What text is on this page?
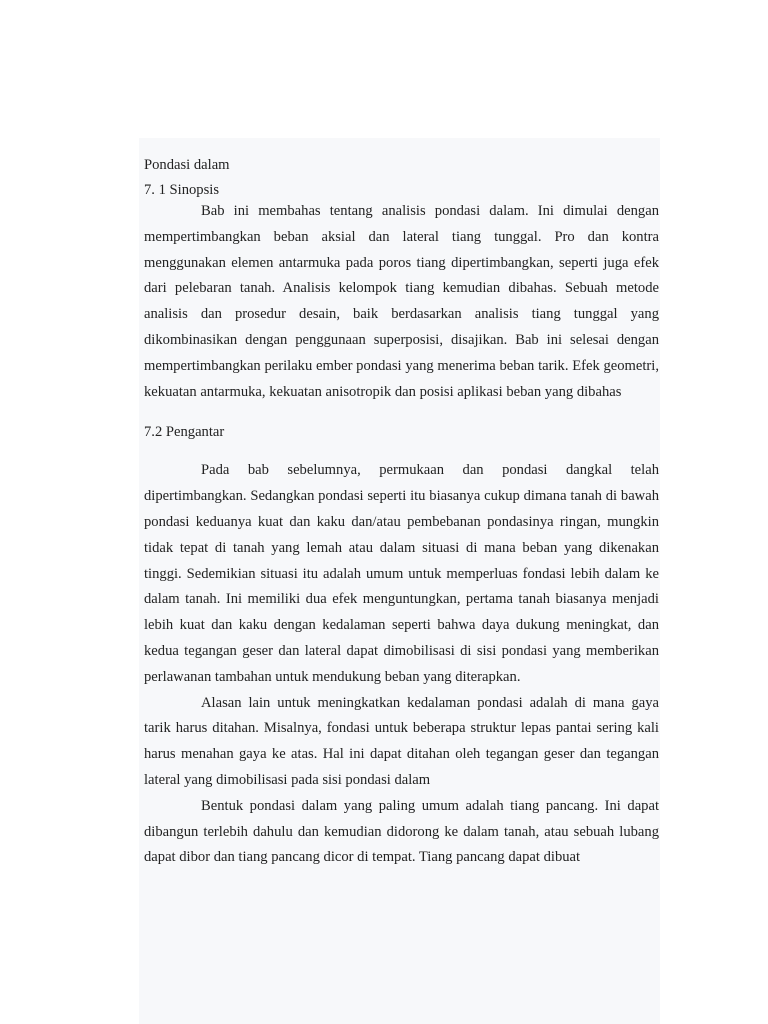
Pondasi dalam
7. 1 Sinopsis

Bab ini membahas tentang analisis pondasi dalam. Ini dimulai dengan mempertimbangkan beban aksial dan lateral tiang tunggal. Pro dan kontra menggunakan elemen antarmuka pada poros tiang dipertimbangkan, seperti juga efek dari pelebaran tanah. Analisis kelompok tiang kemudian dibahas. Sebuah metode analisis dan prosedur desain, baik berdasarkan analisis tiang tunggal yang dikombinasikan dengan penggunaan superposisi, disajikan. Bab ini selesai dengan mempertimbangkan perilaku ember pondasi yang menerima beban tarik. Efek geometri, kekuatan antarmuka, kekuatan anisotropik dan posisi aplikasi beban yang dibahas

7.2 Pengantar

Pada bab sebelumnya, permukaan dan pondasi dangkal telah dipertimbangkan. Sedangkan pondasi seperti itu biasanya cukup dimana tanah di bawah pondasi keduanya kuat dan kaku dan/atau pembebanan pondasinya ringan, mungkin tidak tepat di tanah yang lemah atau dalam situasi di mana beban yang dikenakan tinggi. Sedemikian situasi itu adalah umum untuk memperluas fondasi lebih dalam ke dalam tanah. Ini memiliki dua efek menguntungkan, pertama tanah biasanya menjadi lebih kuat dan kaku dengan kedalaman seperti bahwa daya dukung meningkat, dan kedua tegangan geser dan lateral dapat dimobilisasi di sisi pondasi yang memberikan perlawanan tambahan untuk mendukung beban yang diterapkan.

Alasan lain untuk meningkatkan kedalaman pondasi adalah di mana gaya tarik harus ditahan. Misalnya, fondasi untuk beberapa struktur lepas pantai sering kali harus menahan gaya ke atas. Hal ini dapat ditahan oleh tegangan geser dan tegangan lateral yang dimobilisasi pada sisi pondasi dalam

Bentuk pondasi dalam yang paling umum adalah tiang pancang. Ini dapat dibangun terlebih dahulu dan kemudian didorong ke dalam tanah, atau sebuah lubang dapat dibor dan tiang pancang dicor di tempat. Tiang pancang dapat dibuat
